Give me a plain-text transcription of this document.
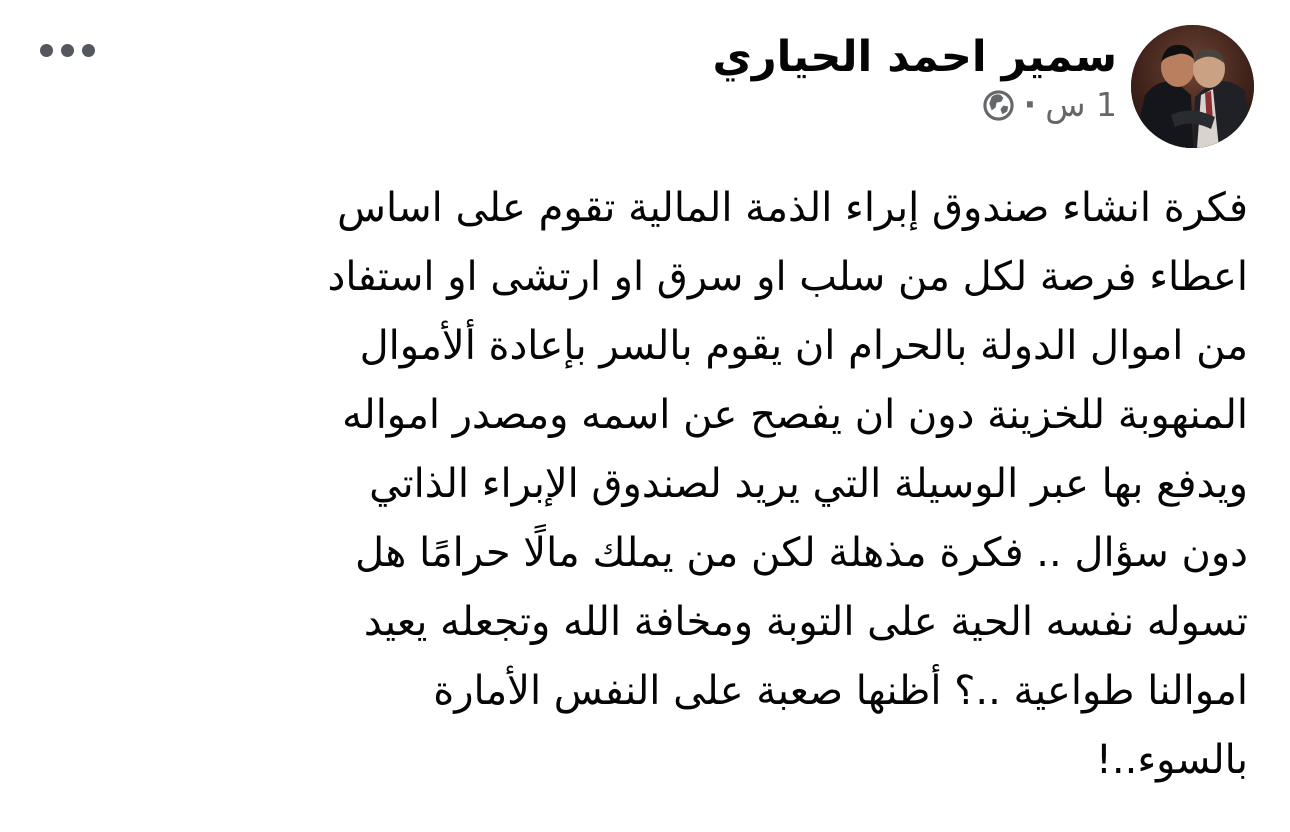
سمير احمد الحياري
1 س
·
فكرة انشاء صندوق إبراء الذمة المالية تقوم على اساس
اعطاء فرصة لكل من سلب او سرق او ارتشى او استفاد
من اموال الدولة بالحرام ان يقوم بالسر بإعادة ألأموال
المنهوبة للخزينة دون ان يفصح عن اسمه ومصدر امواله
ويدفع بها عبر الوسيلة التي يريد لصندوق الإبراء الذاتي
دون سؤال .. فكرة مذهلة لكن من يملك مالًا حرامًا هل
تسوله نفسه الحية على التوبة ومخافة الله وتجعله يعيد
اموالنا طواعية ..؟ أظنها صعبة على النفس الأمارة
بالسوء..!
